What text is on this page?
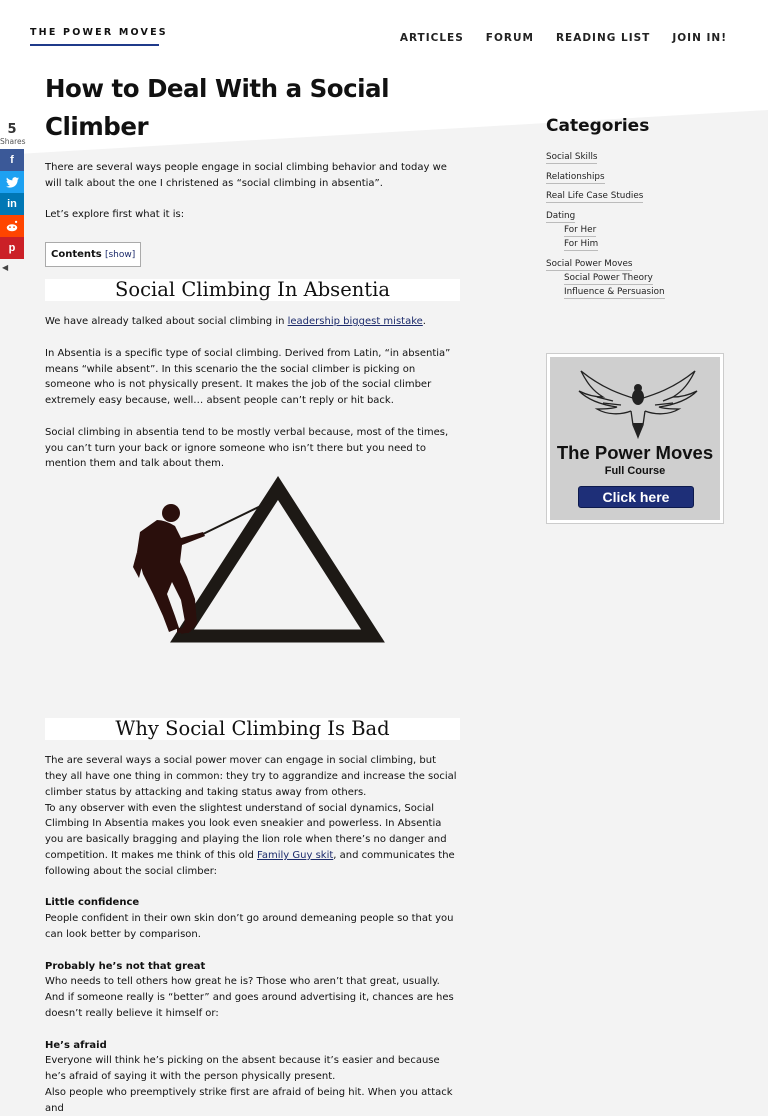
THE POWER MOVES	ARTICLES FORUM READING LIST JOIN IN!
5
Shares
f
in
p
◀
How to Deal With a Social Climber

There are several ways people engage in social climbing behavior and today we will talk about the one I christened as “social climbing in absentia”.

Let’s explore first what it is:

Contents [show]
Social Climbing In Absentia

We have already talked about social climbing in leadership biggest mistake.

In Absentia is a specific type of social climbing. Derived from Latin, “in absentia” means “while absent”. In this scenario the the social climber is picking on someone who is not physically present. It makes the job of the social climber extremely easy because, well… absent people can’t reply or hit back.

Social climbing in absentia tend to be mostly verbal because, most of the times, you can’t turn your back or ignore someone who isn’t there but you need to mention them and talk about them.

Why Social Climbing Is Bad

The are several ways a social power mover can engage in social climbing, but they all have one thing in common: they try to aggrandize and increase the social climber status by attacking and taking status away from others.

To any observer with even the slightest understand of social dynamics, Social Climbing In Absentia makes you look even sneakier and powerless. In Absentia you are basically bragging and playing the lion role when there’s no danger and competition. It makes me think of this old Family Guy skit, and communicates the following about the social climber:

Little confidence

People confident in their own skin don’t go around demeaning people so that you can look better by comparison.

Probably he’s not that great

Who needs to tell others how great he is? Those who aren’t that great, usually. And if someone really is “better” and goes around advertising it, chances are hes doesn’t really believe it himself or:

He’s afraid

Everyone will think he’s picking on the absent because it’s easier and because he’s afraid of saying it with the person physically present.

Also people who preemptively strike first are afraid of being hit. When you attack and

Categories
Social Skills
Relationships
Real Life Case Studies
Dating
For Her
For Him
Social Power Moves
Social Power Theory
Influence & Persuasion
The Power Moves
Full Course
Click here
